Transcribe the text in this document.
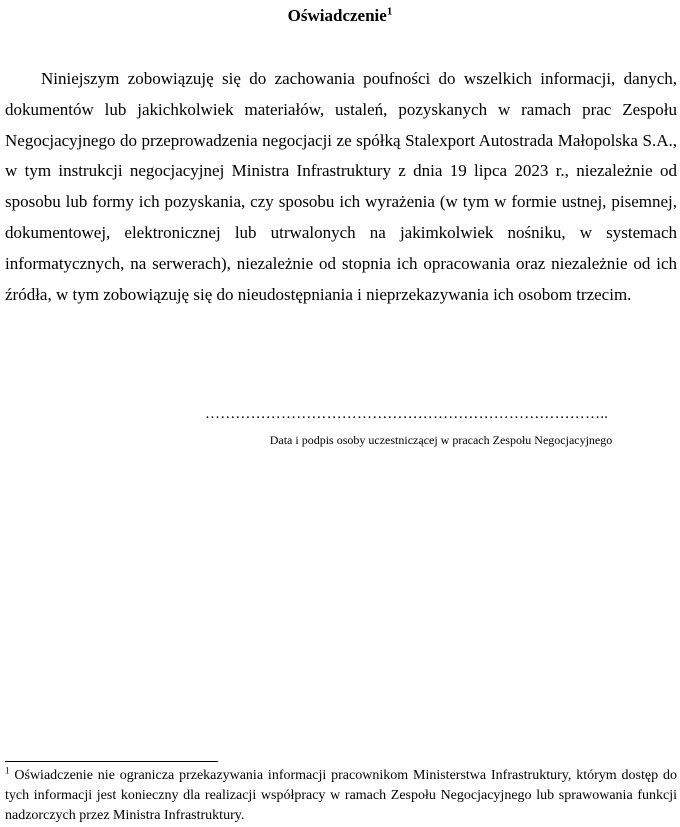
Oświadczenie$^1$

Niniejszym zobowiązuję się do zachowania poufności do wszelkich informacji, danych, dokumentów lub jakichkolwiek materiałów, ustaleń, pozyskanych w ramach prac Zespołu Negocjacyjnego do przeprowadzenia negocjacji ze spółką Stalexport Autostrada Małopolska S.A., w tym instrukcji negocjacyjnej Ministra Infrastruktury z dnia 19 lipca 2023 r., niezależnie od sposobu lub formy ich pozyskania, czy sposobu ich wyrażenia (w tym w formie ustnej, pisemnej, dokumentowej, elektronicznej lub utrwalonych na jakimkolwiek nośniku, w systemach informatycznych, na serwerach), niezależnie od stopnia ich opracowania oraz niezależnie od ich źródła, w tym zobowiązuję się do nieudostępniania i nieprzekazywania ich osobom trzecim.

……………………………………………………………………..
Data i podpis osoby uczestniczącej w pracach Zespołu Negocjacyjnego

$^1$ Oświadczenie nie ogranicza przekazywania informacji pracownikom Ministerstwa Infrastruktury, którym dostęp do tych informacji jest konieczny dla realizacji współpracy w ramach Zespołu Negocjacyjnego lub sprawowania funkcji nadzorczych przez Ministra Infrastruktury.
